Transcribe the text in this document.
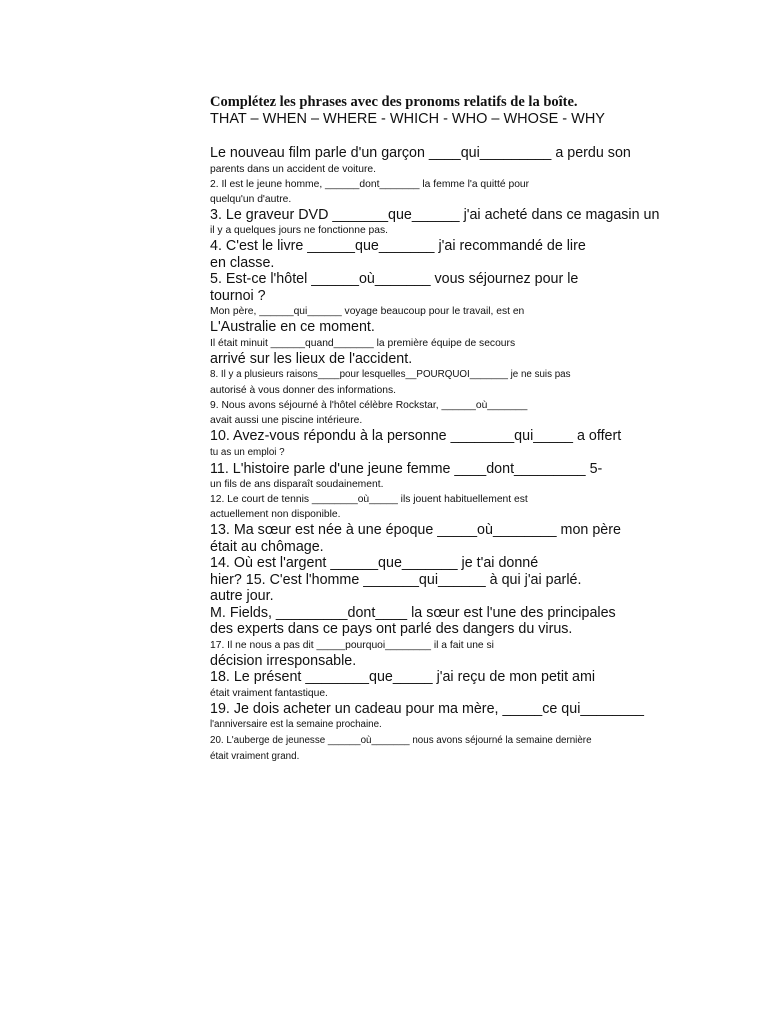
Complétez les phrases avec des pronoms relatifs de la boîte.

THAT – WHEN – WHERE - WHICH - WHO – WHOSE - WHY

Le nouveau film parle d'un garçon ____qui_________ a perdu son

parents dans un accident de voiture.

2. Il est le jeune homme, ______dont_______ la femme l'a quitté pour

quelqu'un d'autre.

3. Le graveur DVD _______que______ j'ai acheté dans ce magasin un

il y a quelques jours ne fonctionne pas.

4. C'est le livre ______que_______ j'ai recommandé de lire

en classe.

5. Est-ce l'hôtel ______où_______ vous séjournez pour le

tournoi ?

Mon père, ______qui______ voyage beaucoup pour le travail, est en

L'Australie en ce moment.

Il était minuit ______quand_______ la première équipe de secours

arrivé sur les lieux de l'accident.

8. Il y a plusieurs raisons____pour lesquelles__POURQUOI_______ je ne suis pas

autorisé à vous donner des informations.

9. Nous avons séjourné à l'hôtel célèbre Rockstar, ______où_______

avait aussi une piscine intérieure.

10. Avez-vous répondu à la personne ________qui_____ a offert

tu as un emploi ?

11. L'histoire parle d'une jeune femme ____dont_________ 5-

un fils de ans disparaît soudainement.

12. Le court de tennis ________où_____ ils jouent habituellement est

actuellement non disponible.

13. Ma sœur est née à une époque _____où________ mon père

était au chômage.

14. Où est l'argent ______que_______ je t'ai donné

hier? 15. C'est l'homme _______qui______ à qui j'ai parlé.

autre jour.

M. Fields, _________dont____ la sœur est l'une des principales

des experts dans ce pays ont parlé des dangers du virus.

17. Il ne nous a pas dit _____pourquoi________ il a fait une si

décision irresponsable.

18. Le présent ________que_____ j'ai reçu de mon petit ami

était vraiment fantastique.

19. Je dois acheter un cadeau pour ma mère, _____ce qui________

l'anniversaire est la semaine prochaine.

20. L'auberge de jeunesse ______où_______ nous avons séjourné la semaine dernière

était vraiment grand.
